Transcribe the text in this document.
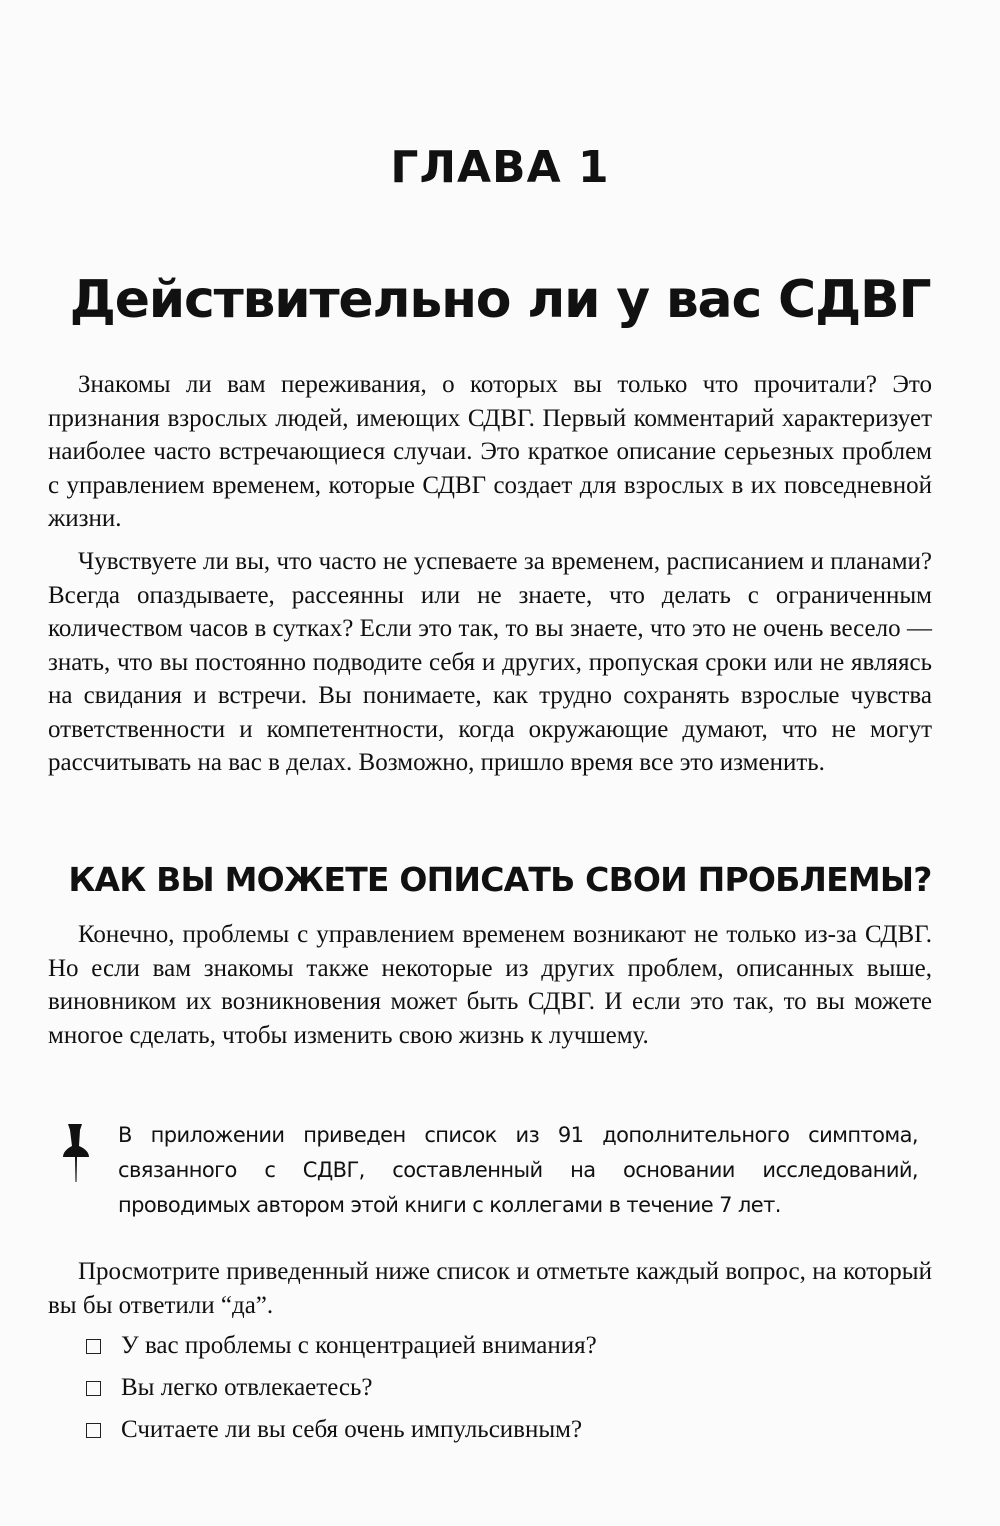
ГЛАВА 1
Действительно ли у вас СДВГ

Знакомы ли вам переживания, о которых вы только что прочитали? Это признания взрослых людей, имеющих СДВГ. Первый комментарий характеризует наиболее часто встречающиеся случаи. Это краткое описание серьезных проблем с управлением временем, которые СДВГ создает для взрослых в их повседневной жизни.

Чувствуете ли вы, что часто не успеваете за временем, расписанием и планами? Всегда опаздываете, рассеянны или не знаете, что делать с ограниченным количеством часов в сутках? Если это так, то вы знаете, что это не очень весело — знать, что вы постоянно подводите себя и других, пропуская сроки или не являясь на свидания и встречи. Вы понимаете, как трудно сохранять взрослые чувства ответственности и компетентности, когда окружающие думают, что не могут рассчитывать на вас в делах. Возможно, пришло время все это изменить.

КАК ВЫ МОЖЕТЕ ОПИСАТЬ СВОИ ПРОБЛЕМЫ?

Конечно, проблемы с управлением временем возникают не только из-за СДВГ. Но если вам знакомы также некоторые из других проблем, описанных выше, виновником их возникновения может быть СДВГ. И если это так, то вы можете многое сделать, чтобы изменить свою жизнь к лучшему.

В приложении приведен список из 91 дополнительного симптома, связанного с СДВГ, составленный на основании исследований, проводимых автором этой книги с коллегами в течение 7 лет.

Просмотрите приведенный ниже список и отметьте каждый вопрос, на который вы бы ответили “да”.

У вас проблемы с концентрацией внимания?
Вы легко отвлекаетесь?
Считаете ли вы себя очень импульсивным?
